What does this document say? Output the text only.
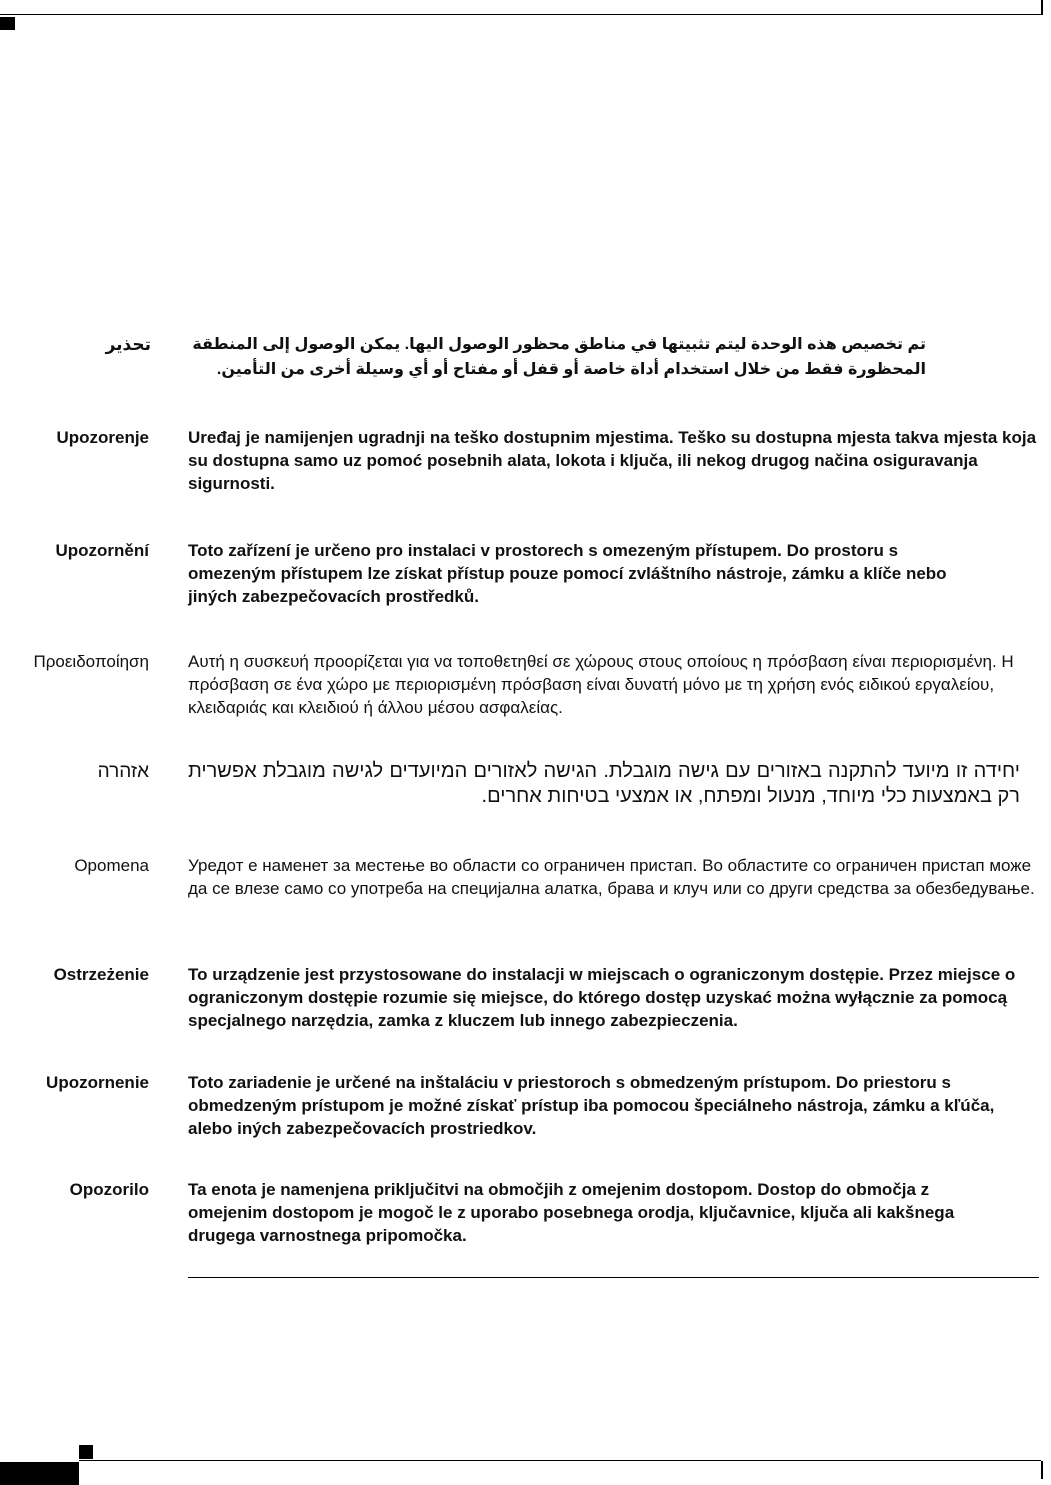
تحذير	تم تخصيص هذه الوحدة ليتم تثبيتها في مناطق محظور الوصول اليها. يمكن الوصول إلى المنطقة المحظورة فقط من خلال استخدام أداة خاصة أو قفل أو مفتاح أو أي وسيلة أخرى من التأمين.
Upozorenje Uređaj je namijenjen ugradnji na teško dostupnim mjestima. Teško su dostupna mjesta takva mjesta koja su dostupna samo uz pomoć posebnih alata, lokota i ključa, ili nekog drugog načina osiguravanja sigurnosti.
Upozornění Toto zařízení je určeno pro instalaci v prostorech s omezeným přístupem. Do prostoru s omezeným přístupem lze získat přístup pouze pomocí zvláštního nástroje, zámku a klíče nebo jiných zabezpečovacích prostředků.
Προειδοποίηση Αυτή η συσκευή προορίζεται για να τοποθετηθεί σε χώρους στους οποίους η πρόσβαση είναι περιορισμένη. Η πρόσβαση σε ένα χώρο με περιορισμένη πρόσβαση είναι δυνατή μόνο με τη χρήση ενός ειδικού εργαλείου, κλειδαριάς και κλειδιού ή άλλου μέσου ασφαλείας.
אזהרה יחידה זו מיועד להתקנה באזורים עם גישה מוגבלת. הגישה לאזורים המיועדים לגישה מוגבלת אפשרית רק באמצעות כלי מיוחד, מנעול ומפתח, או אמצעי בטיחות אחרים.
Opomena Уредот е наменет за местење во области со ограничен пристап. Во областите со ограничен пристап може да се влезе само со употреба на специјална алатка, брава и клуч или со други средства за обезбедување.
Ostrzeżenie To urządzenie jest przystosowane do instalacji w miejscach o ograniczonym dostępie. Przez miejsce o ograniczonym dostępie rozumie się miejsce, do którego dostęp uzyskać można wyłącznie za pomocą specjalnego narzędzia, zamka z kluczem lub innego zabezpieczenia.
Upozornenie Toto zariadenie je určené na inštaláciu v priestoroch s obmedzeným prístupom. Do priestoru s obmedzeným prístupom je možné získať prístup iba pomocou špeciálneho nástroja, zámku a kľúča, alebo iných zabezpečovacích prostriedkov.
Opozorilo Ta enota je namenjena priključitvi na območjih z omejenim dostopom. Dostop do območja z omejenim dostopom je mogoč le z uporabo posebnega orodja, ključavnice, ključa ali kakšnega drugega varnostnega pripomočka.
